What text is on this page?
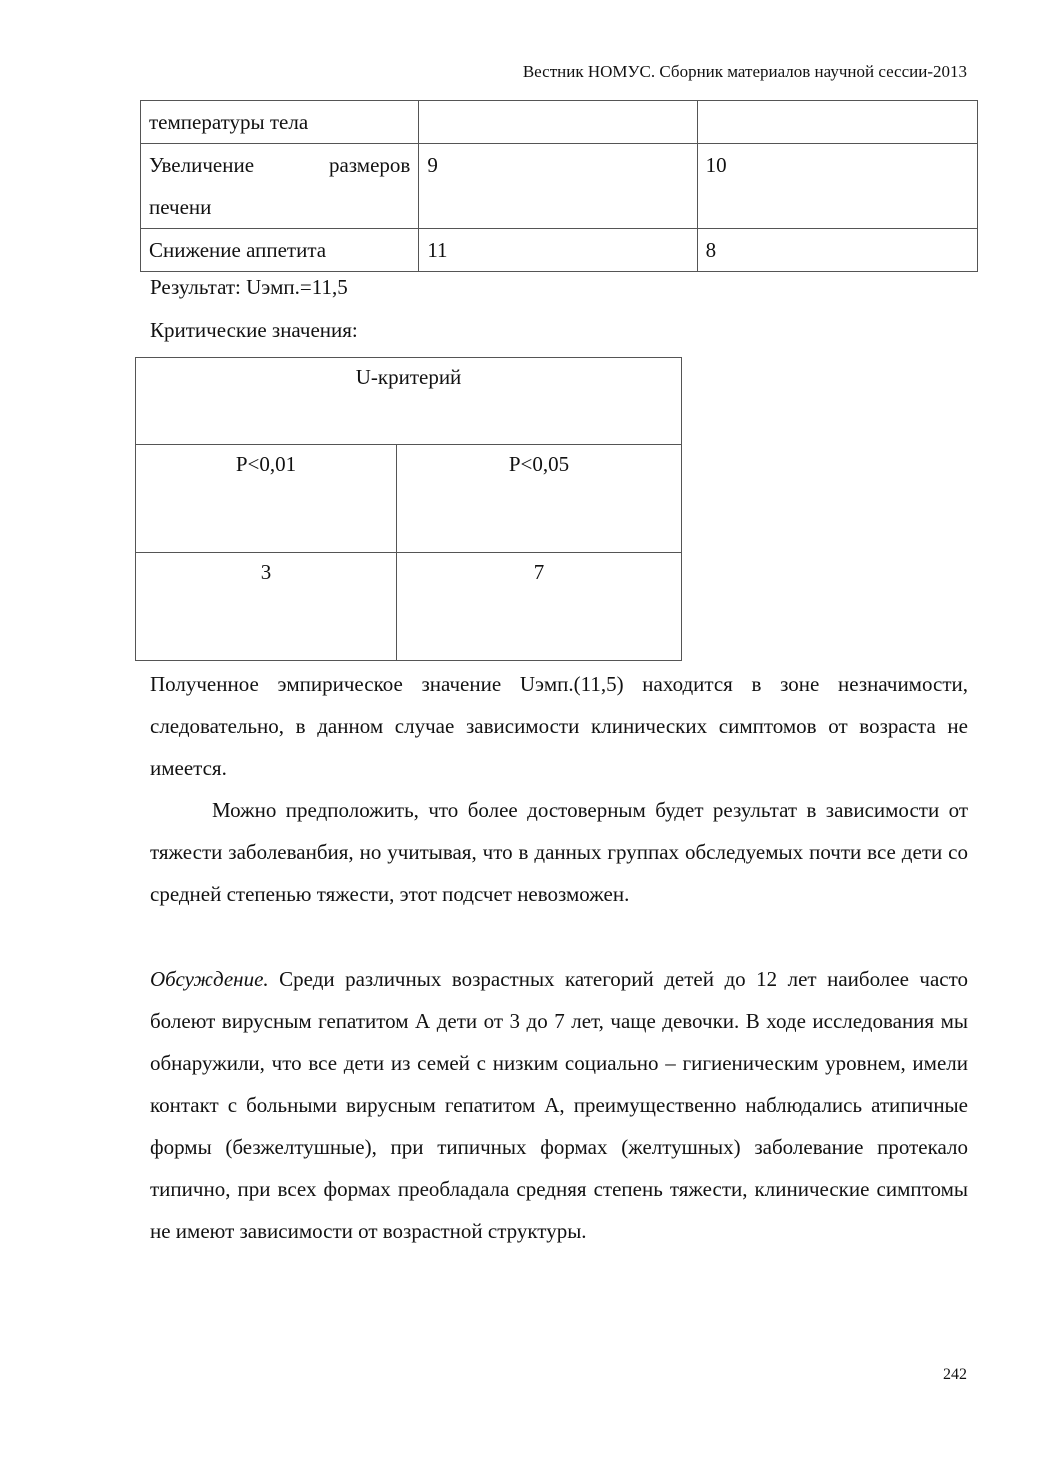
Вестник НОМУС. Сборник материалов научной сессии-2013
температуры тела		

Увеличение размеров
печени	9	10
Снижение аппетита	11	8
Результат: Uэмп.=11,5
Критические значения:
U-критерий	
P<0,01	P<0,05
3	7
Полученное эмпирическое значение Uэмп.(11,5) находится в зоне незначимости, следовательно, в данном случае зависимости клинических симптомов от возраста не имеется.
Можно предположить, что более достоверным будет результат в зависимости от тяжести заболеванбия, но учитывая, что в данных группах обследуемых почти все дети со средней степенью тяжести, этот подсчет невозможен.
Обсуждение. Среди различных возрастных категорий детей до 12 лет наиболее часто болеют вирусным гепатитом А дети от 3 до 7 лет, чаще девочки. В ходе исследования мы обнаружили, что все дети из семей с низким социально – гигиеническим уровнем, имели контакт с больными вирусным гепатитом А, преимущественно наблюдались атипичные формы (безжелтушные), при типичных формах (желтушных) заболевание протекало типично, при всех формах преобладала средняя степень тяжести, клинические симптомы не имеют зависимости от возрастной структуры.
242
